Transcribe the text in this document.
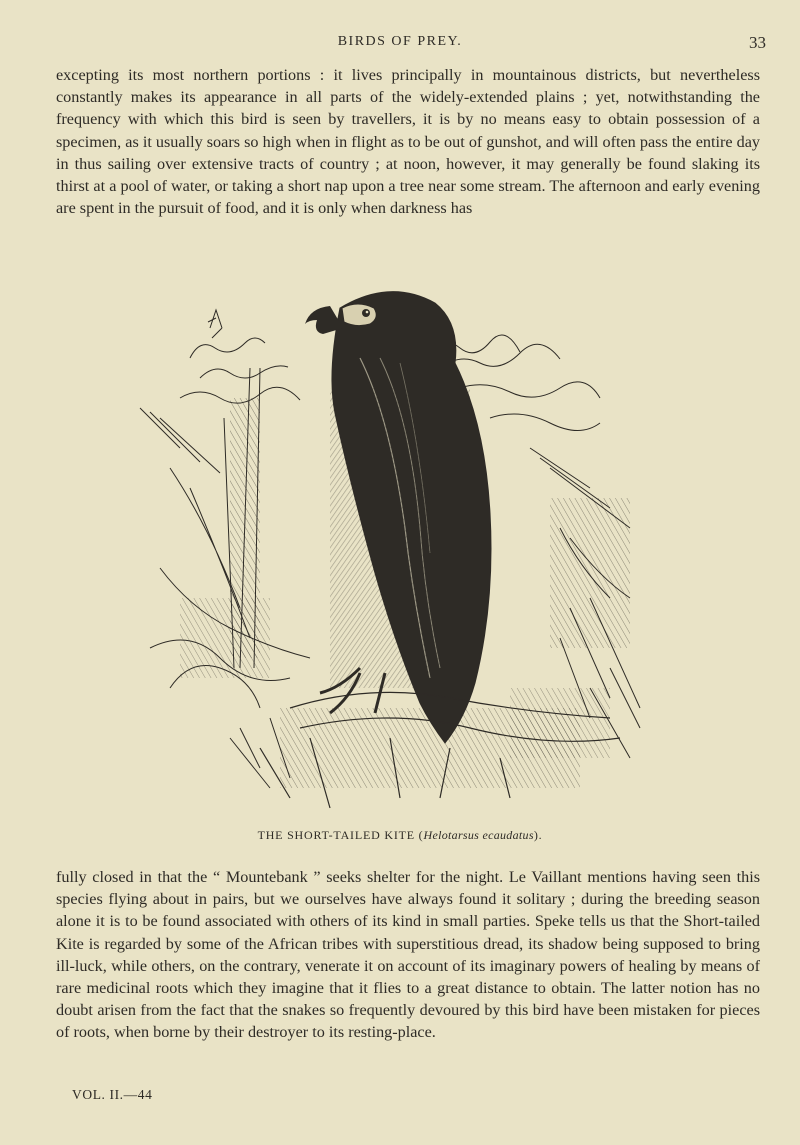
BIRDS OF PREY.	33

excepting its most northern portions : it lives principally in mountainous districts, but nevertheless constantly makes its appearance in all parts of the widely-extended plains ; yet, notwithstanding the frequency with which this bird is seen by travellers, it is by no means easy to obtain possession of a specimen, as it usually soars so high when in flight as to be out of gunshot, and will often pass the entire day in thus sailing over extensive tracts of country ; at noon, however, it may generally be found slaking its thirst at a pool of water, or taking a short nap upon a tree near some stream. The afternoon and early evening are spent in the pursuit of food, and it is only when darkness has

THE SHORT-TAILED KITE (Helotarsus ecaudatus).

fully closed in that the “ Mountebank ” seeks shelter for the night. Le Vaillant mentions having seen this species flying about in pairs, but we ourselves have always found it solitary ; during the breeding season alone it is to be found associated with others of its kind in small parties. Speke tells us that the Short-tailed Kite is regarded by some of the African tribes with superstitious dread, its shadow being supposed to bring ill-luck, while others, on the contrary, venerate it on account of its imaginary powers of healing by means of rare medicinal roots which they imagine that it flies to a great distance to obtain. The latter notion has no doubt arisen from the fact that the snakes so frequently devoured by this bird have been mistaken for pieces of roots, when borne by their destroyer to its resting-place.

VOL. II.—44
